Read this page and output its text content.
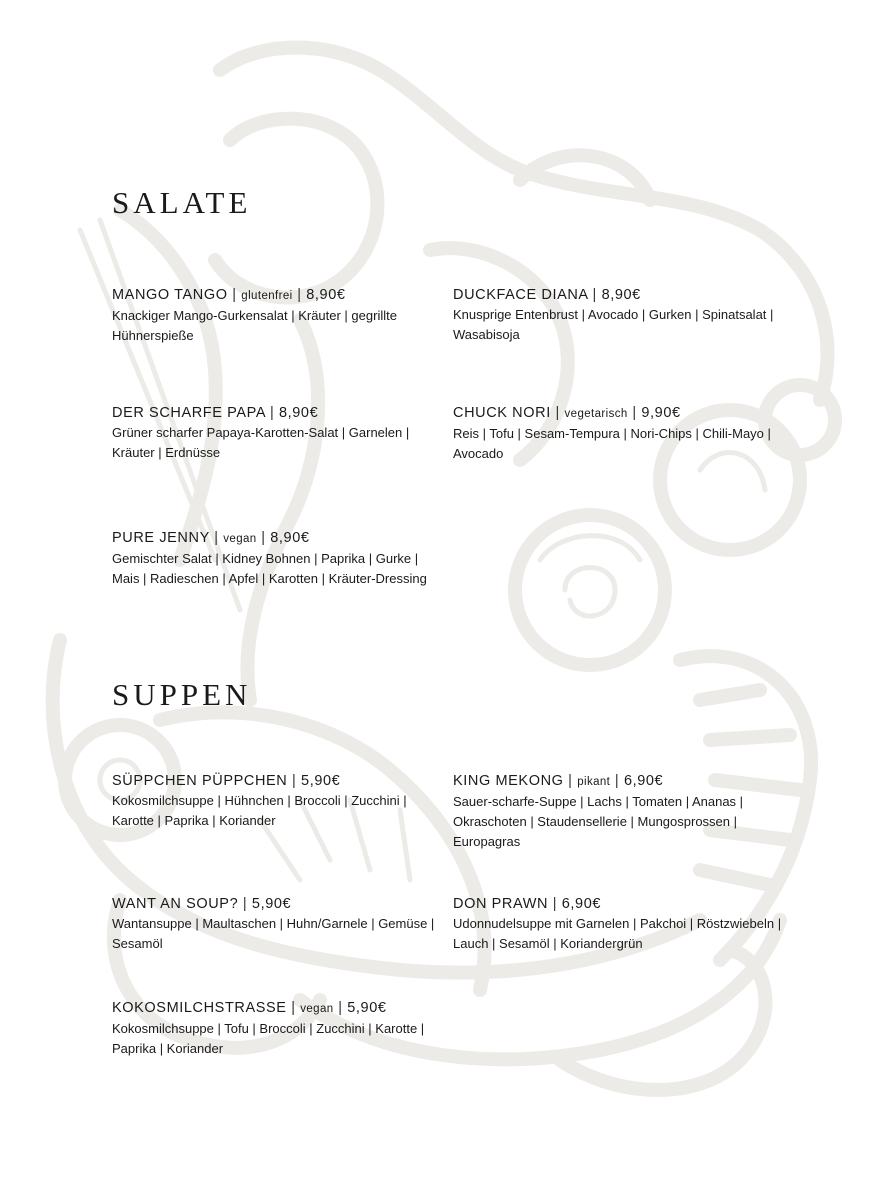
SALATE
MANGO TANGO | glutenfrei | 8,90€

Knackiger Mango-Gurkensalat | Kräuter | gegrillte Hühnerspieße

DUCKFACE DIANA | 8,90€

Knusprige Entenbrust | Avocado | Gurken | Spinatsalat | Wasabisoja

DER SCHARFE PAPA | 8,90€

Grüner scharfer Papaya-Karotten-Salat | Garnelen | Kräuter | Erdnüsse

CHUCK NORI | vegetarisch | 9,90€

Reis | Tofu | Sesam-Tempura | Nori-Chips | Chili-Mayo | Avocado

PURE JENNY | vegan | 8,90€

Gemischter Salat | Kidney Bohnen | Paprika | Gurke | Mais | Radieschen | Apfel | Karotten | Kräuter-Dressing

SUPPEN
SÜPPCHEN PÜPPCHEN | 5,90€

Kokosmilchsuppe | Hühnchen | Broccoli | Zucchini | Karotte | Paprika | Koriander

KING MEKONG | pikant | 6,90€

Sauer-scharfe-Suppe | Lachs | Tomaten | Ananas | Okraschoten | Staudensellerie | Mungosprossen | Europagras

WANT AN SOUP? | 5,90€

Wantansuppe | Maultaschen | Huhn/Garnele | Gemüse | Sesamöl

DON PRAWN | 6,90€

Udonnudelsuppe mit Garnelen | Pakchoi | Röstzwiebeln | Lauch | Sesamöl | Koriandergrün

KOKOSMILCHSTRASSE | vegan | 5,90€

Kokosmilchsuppe | Tofu | Broccoli | Zucchini | Karotte | Paprika | Koriander
